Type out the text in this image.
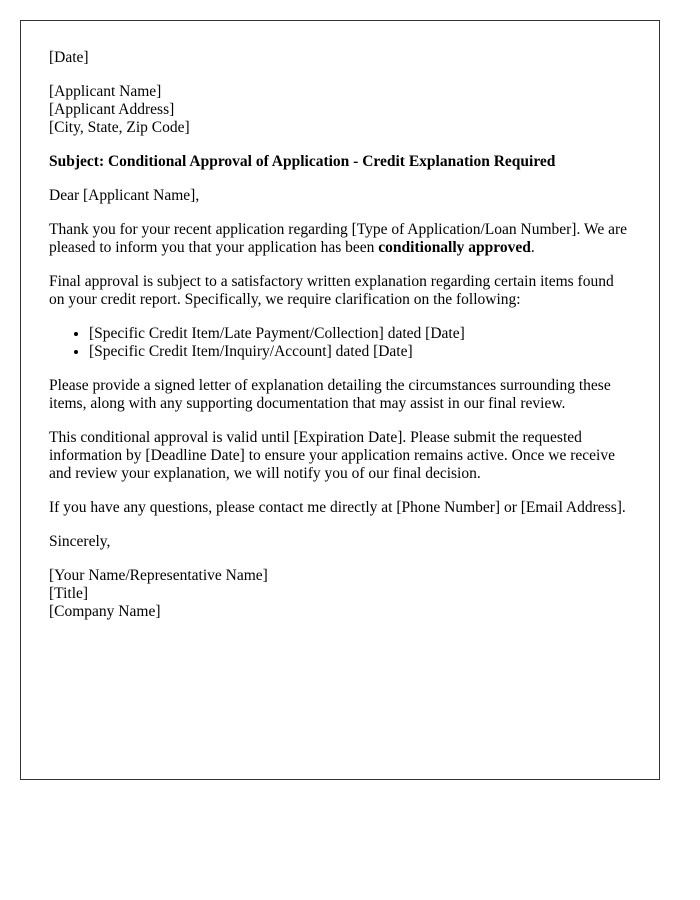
[Date]
[Applicant Name]
[Applicant Address]
[City, State, Zip Code]
Subject: Conditional Approval of Application - Credit Explanation Required
Dear [Applicant Name],
Thank you for your recent application regarding [Type of Application/Loan Number]. We are pleased to inform you that your application has been conditionally approved.
Final approval is subject to a satisfactory written explanation regarding certain items found on your credit report. Specifically, we require clarification on the following:
• [Specific Credit Item/Late Payment/Collection] dated [Date]
• [Specific Credit Item/Inquiry/Account] dated [Date]
Please provide a signed letter of explanation detailing the circumstances surrounding these items, along with any supporting documentation that may assist in our final review.
This conditional approval is valid until [Expiration Date]. Please submit the requested information by [Deadline Date] to ensure your application remains active. Once we receive and review your explanation, we will notify you of our final decision.
If you have any questions, please contact me directly at [Phone Number] or [Email Address].
Sincerely,
[Your Name/Representative Name]
[Title]
[Company Name]
